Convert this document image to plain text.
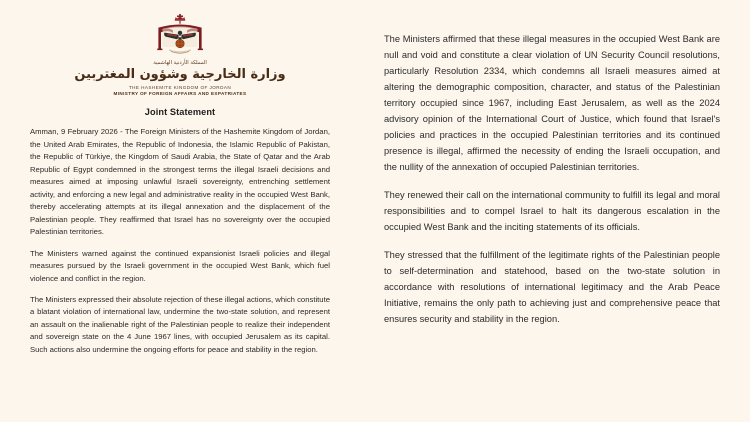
المملكة الأردنية الهاشمية
وزارة الخارجية وشؤون المغتربين
THE HASHEMITE KINGDOM OF JORDAN
MINISTRY OF FOREIGN AFFAIRS AND EXPATRIATES
Joint Statement

Amman, 9 February 2026 - The Foreign Ministers of the Hashemite Kingdom of Jordan, the United Arab Emirates, the Republic of Indonesia, the Islamic Republic of Pakistan, the Republic of Türkiye, the Kingdom of Saudi Arabia, the State of Qatar and the Arab Republic of Egypt condemned in the strongest terms the illegal Israeli decisions and measures aimed at imposing unlawful Israeli sovereignty, entrenching settlement activity, and enforcing a new legal and administrative reality in the occupied West Bank, thereby accelerating attempts at its illegal annexation and the displacement of the Palestinian people. They reaffirmed that Israel has no sovereignty over the occupied Palestinian territories.

The Ministers warned against the continued expansionist Israeli policies and illegal measures pursued by the Israeli government in the occupied West Bank, which fuel violence and conflict in the region.

The Ministers expressed their absolute rejection of these illegal actions, which constitute a blatant violation of international law, undermine the two-state solution, and represent an assault on the inalienable right of the Palestinian people to realize their independent and sovereign state on the 4 June 1967 lines, with occupied Jerusalem as its capital. Such actions also undermine the ongoing efforts for peace and stability in the region.

The Ministers affirmed that these illegal measures in the occupied West Bank are null and void and constitute a clear violation of UN Security Council resolutions, particularly Resolution 2334, which condemns all Israeli measures aimed at altering the demographic composition, character, and status of the Palestinian territory occupied since 1967, including East Jerusalem, as well as the 2024 advisory opinion of the International Court of Justice, which found that Israel's policies and practices in the occupied Palestinian territories and its continued presence is illegal, affirmed the necessity of ending the Israeli occupation, and the nullity of the annexation of occupied Palestinian territories.

They renewed their call on the international community to fulfill its legal and moral responsibilities and to compel Israel to halt its dangerous escalation in the occupied West Bank and the inciting statements of its officials.

They stressed that the fulfillment of the legitimate rights of the Palestinian people to self-determination and statehood, based on the two-state solution in accordance with resolutions of international legitimacy and the Arab Peace Initiative, remains the only path to achieving just and comprehensive peace that ensures security and stability in the region.
